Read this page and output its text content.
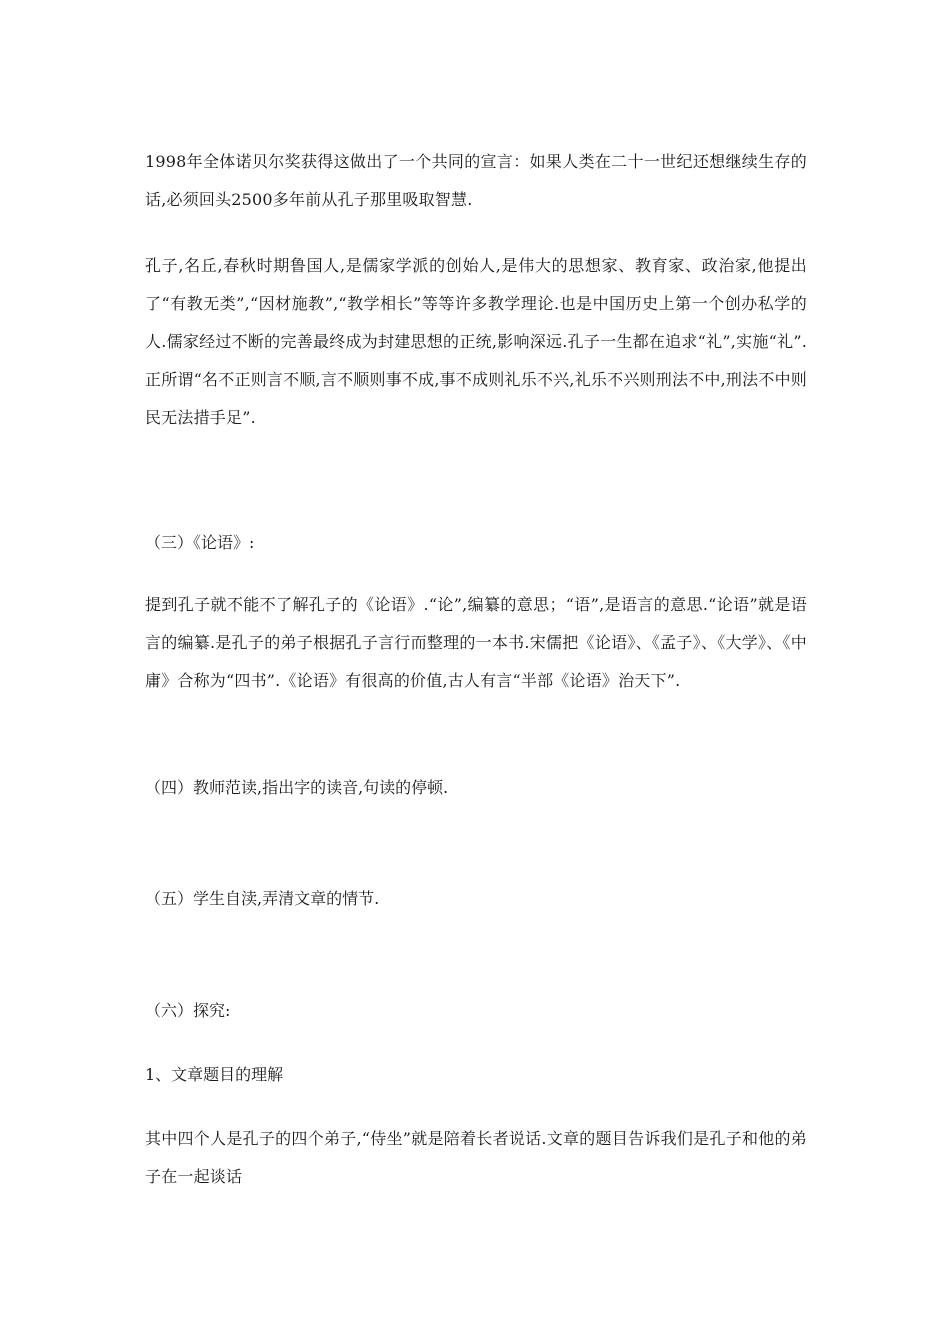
1998年全体诺贝尔奖获得这做出了一个共同的宣言：如果人类在二十一世纪还想继续生存的话,必须回头2500多年前从孔子那里吸取智慧.

孔子,名丘,春秋时期鲁国人,是儒家学派的创始人,是伟大的思想家、教育家、政治家,他提出了“有教无类”,“因材施教”,“教学相长”等等许多教学理论.也是中国历史上第一个创办私学的人.儒家经过不断的完善最终成为封建思想的正统,影响深远.孔子一生都在追求“礼”,实施“礼”.正所谓“名不正则言不顺,言不顺则事不成,事不成则礼乐不兴,礼乐不兴则刑法不中,刑法不中则民无法措手足”.

（三）《论语》:

提到孔子就不能不了解孔子的《论语》.“论”,编纂的意思；“语”,是语言的意思.“论语”就是语言的编纂.是孔子的弟子根据孔子言行而整理的一本书.宋儒把《论语》、《孟子》、《大学》、《中庸》合称为“四书”.《论语》有很高的价值,古人有言“半部《论语》治天下”.

（四）教师范读,指出字的读音,句读的停顿.

（五）学生自渎,弄清文章的情节.

（六）探究:

1、文章题目的理解

其中四个人是孔子的四个弟子,“侍坐”就是陪着长者说话.文章的题目告诉我们是孔子和他的弟子在一起谈话
